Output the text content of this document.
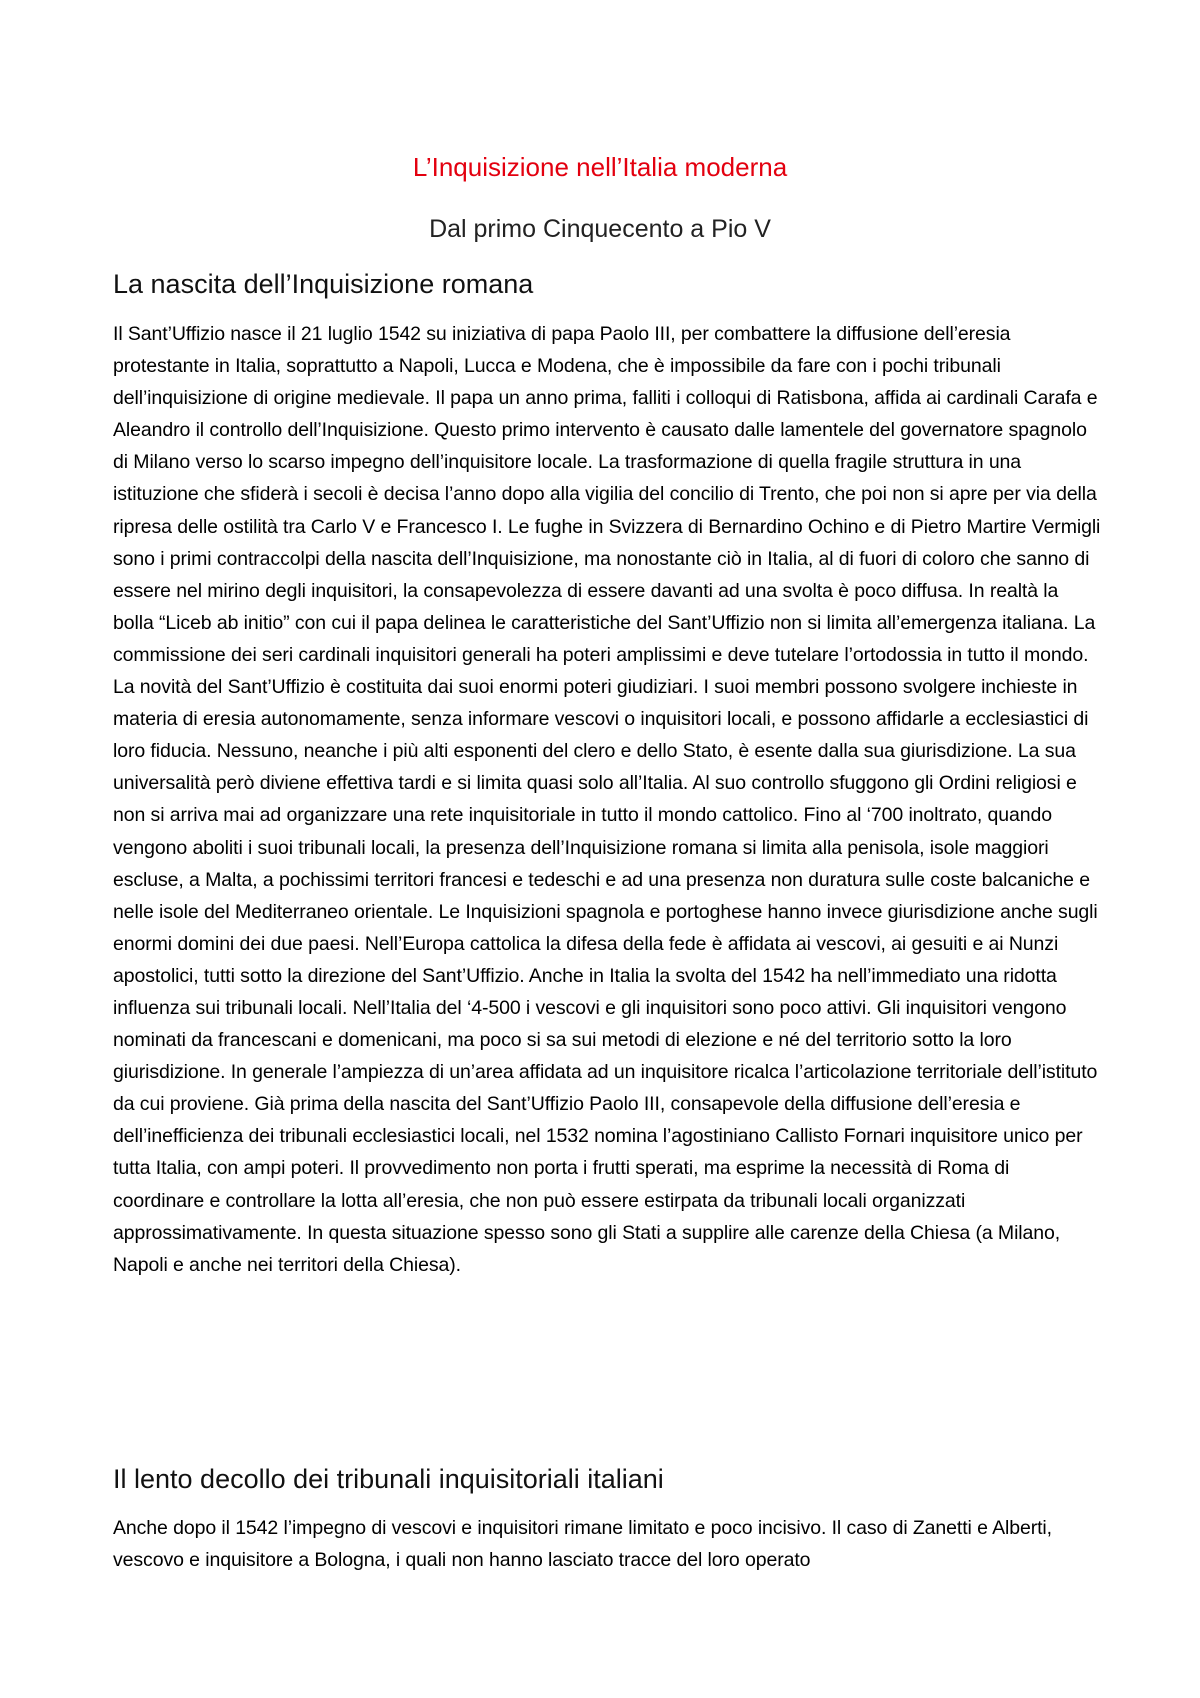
L’Inquisizione nell’Italia moderna
Dal primo Cinquecento a Pio V
La nascita dell’Inquisizione romana

Il Sant’Uffizio nasce il 21 luglio 1542 su iniziativa di papa Paolo III, per combattere la diffusione dell’eresia protestante in Italia, soprattutto a Napoli, Lucca e Modena, che è impossibile da fare con i pochi tribunali dell’inquisizione di origine medievale. Il papa un anno prima, falliti i colloqui di Ratisbona, affida ai cardinali Carafa e Aleandro il controllo dell’Inquisizione. Questo primo intervento è causato dalle lamentele del governatore spagnolo di Milano verso lo scarso impegno dell’inquisitore locale. La trasformazione di quella fragile struttura in una istituzione che sfiderà i secoli è decisa l’anno dopo alla vigilia del concilio di Trento, che poi non si apre per via della ripresa delle ostilità tra Carlo V e Francesco I. Le fughe in Svizzera di Bernardino Ochino e di Pietro Martire Vermigli sono i primi contraccolpi della nascita dell’Inquisizione, ma nonostante ciò in Italia, al di fuori di coloro che sanno di essere nel mirino degli inquisitori, la consapevolezza di essere davanti ad una svolta è poco diffusa. In realtà la bolla “Liceb ab initio” con cui il papa delinea le caratteristiche del Sant’Uffizio non si limita all’emergenza italiana. La commissione dei seri cardinali inquisitori generali ha poteri amplissimi e deve tutelare l’ortodossia in tutto il mondo. La novità del Sant’Uffizio è costituita dai suoi enormi poteri giudiziari. I suoi membri possono svolgere inchieste in materia di eresia autonomamente, senza informare vescovi o inquisitori locali, e possono affidarle a ecclesiastici di loro fiducia. Nessuno, neanche i più alti esponenti del clero e dello Stato, è esente dalla sua giurisdizione. La sua universalità però diviene effettiva tardi e si limita quasi solo all’Italia. Al suo controllo sfuggono gli Ordini religiosi e non si arriva mai ad organizzare una rete inquisitoriale in tutto il mondo cattolico. Fino al ‘700 inoltrato, quando vengono aboliti i suoi tribunali locali, la presenza dell’Inquisizione romana si limita alla penisola, isole maggiori escluse, a Malta, a pochissimi territori francesi e tedeschi e ad una presenza non duratura sulle coste balcaniche e nelle isole del Mediterraneo orientale. Le Inquisizioni spagnola e portoghese hanno invece giurisdizione anche sugli enormi domini dei due paesi. Nell’Europa cattolica la difesa della fede è affidata ai vescovi, ai gesuiti e ai Nunzi apostolici, tutti sotto la direzione del Sant’Uffizio. Anche in Italia la svolta del 1542 ha nell’immediato una ridotta influenza sui tribunali locali. Nell’Italia del ‘4-500 i vescovi e gli inquisitori sono poco attivi. Gli inquisitori vengono nominati da francescani e domenicani, ma poco si sa sui metodi di elezione e né del territorio sotto la loro giurisdizione. In generale l’ampiezza di un’area affidata ad un inquisitore ricalca l’articolazione territoriale dell’istituto da cui proviene. Già prima della nascita del Sant’Uffizio Paolo III, consapevole della diffusione dell’eresia e dell’inefficienza dei tribunali ecclesiastici locali, nel 1532 nomina l’agostiniano Callisto Fornari inquisitore unico per tutta Italia, con ampi poteri. Il provvedimento non porta i frutti sperati, ma esprime la necessità di Roma di coordinare e controllare la lotta all’eresia, che non può essere estirpata da tribunali locali organizzati approssimativamente. In questa situazione spesso sono gli Stati a supplire alle carenze della Chiesa (a Milano, Napoli e anche nei territori della Chiesa).

Il lento decollo dei tribunali inquisitoriali italiani

Anche dopo il 1542 l’impegno di vescovi e inquisitori rimane limitato e poco incisivo. Il caso di Zanetti e Alberti, vescovo e inquisitore a Bologna, i quali non hanno lasciato tracce del loro operato
